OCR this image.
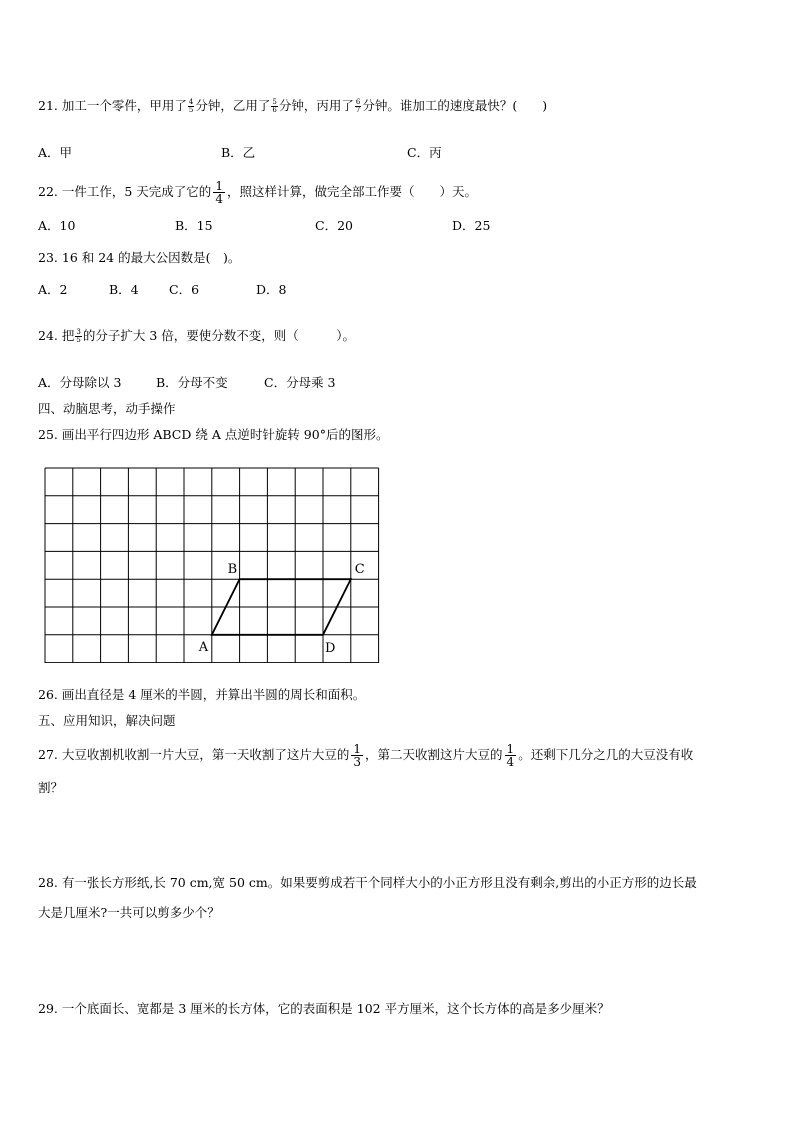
21. 加工一个零件，甲用了 $\frac{4}{5}$ 分钟，乙用了 $\frac{5}{6}$ 分钟，丙用了 $\frac{6}{7}$ 分钟。谁加工的速度最快？(　　)
A．甲	B．乙	C．丙
22. 一件工作，5 天完成了它的 $\frac{1}{4}$ ，照这样计算，做完全部工作要（　　）天。
A．10	B．15	C．20	D．25
23. 16 和 24 的最大公因数是(　)。
A．2	B．4 C．6	D．8
24. 把 $\frac{3}{5}$ 的分子扩大 3 倍，要使分数不变，则（　　　）。
A．分母除以 3	B．分母不变	C．分母乘 3
四、动脑思考，动手操作
25. 画出平行四边形 ABCD 绕 A 点逆时针旋转 90°后的图形。
A
B	C
D
26. 画出直径是 4 厘米的半圆，并算出半圆的周长和面积。
五、应用知识，解决问题
27. 大豆收割机收割一片大豆，第一天收割了这片大豆的 $\frac{1}{3}$ ，第二天收割这片大豆的 $\frac{1}{4}$ 。还剩下几分之几的大豆没有收
割？
28. 有一张长方形纸,长 70 cm,宽 50 cm。如果要剪成若干个同样大小的小正方形且没有剩余,剪出的小正方形的边长最
大是几厘米?一共可以剪多少个？
29. 一个底面长、宽都是 3 厘米的长方体，它的表面积是 102 平方厘米，这个长方体的高是多少厘米？
